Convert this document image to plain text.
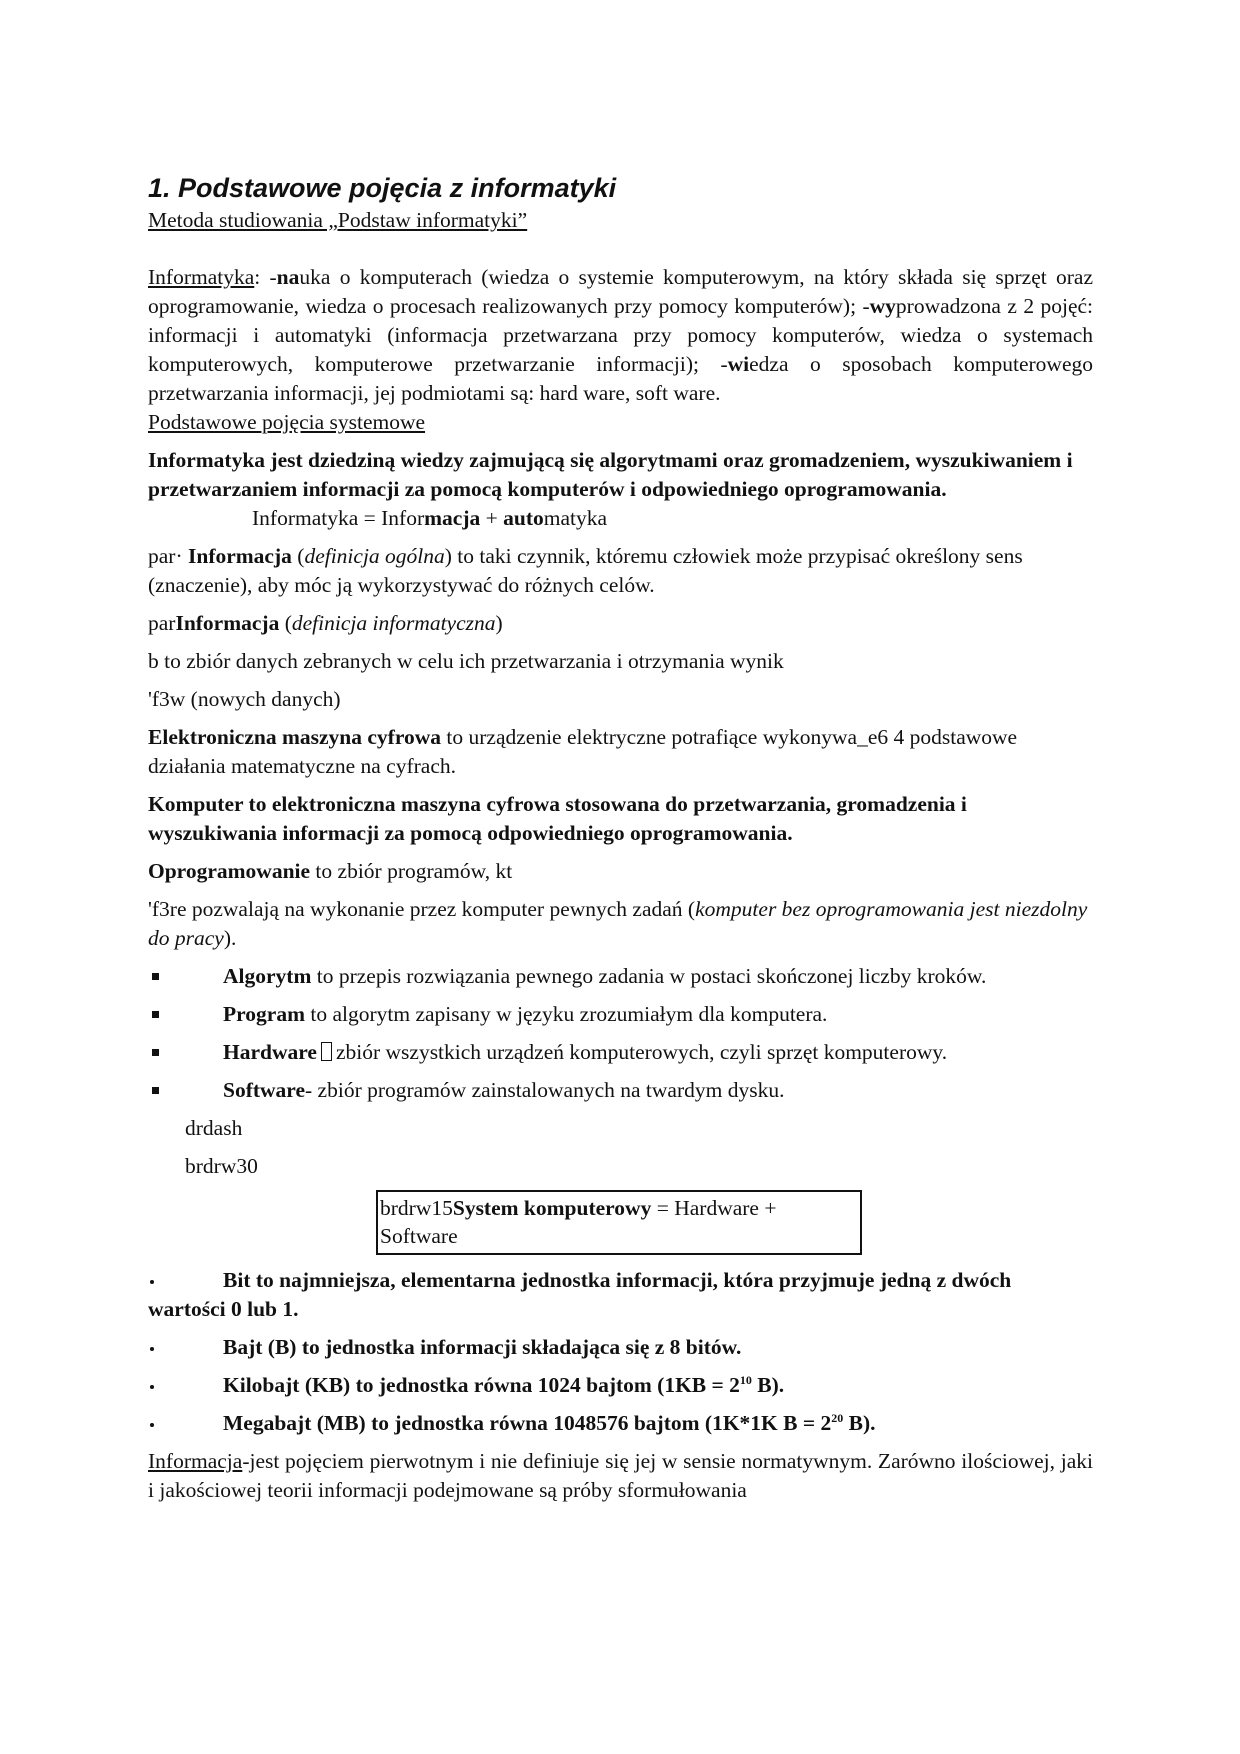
1. Podstawowe pojęcia z informatyki

Metoda studiowania „Podstaw informatyki”

Informatyka: -nauka o komputerach (wiedza o systemie komputerowym, na który składa się sprzęt oraz oprogramowanie, wiedza o procesach realizowanych przy pomocy komputerów); -wyprowadzona z 2 pojęć: informacji i automatyki (informacja przetwarzana przy pomocy komputerów, wiedza o systemach komputerowych, komputerowe przetwarzanie informacji); -wiedza o sposobach komputerowego przetwarzania informacji, jej podmiotami są: hard ware, soft ware.

Podstawowe pojęcia systemowe

Informatyka jest dziedziną wiedzy zajmującą się algorytmami oraz gromadzeniem, wyszukiwaniem i przetwarzaniem informacji za pomocą komputerów i odpowiedniego oprogramowania.Informatyka = Informacja + automatyka

par· Informacja (definicja ogólna) to taki czynnik, któremu człowiek może przypisać określony sens (znaczenie), aby móc ją wykorzystywać do różnych celów.

parInformacja (definicja informatyczna)

b to zbiór danych zebranych w celu ich przetwarzania i otrzymania wynik

'f3w (nowych danych)

Elektroniczna maszyna cyfrowa to urządzenie elektryczne potrafiące wykonywa_e6 4 podstawowe działania matematyczne na cyfrach.

Komputer to elektroniczna maszyna cyfrowa stosowana do przetwarzania, gromadzenia i wyszukiwania informacji za pomocą odpowiedniego oprogramowania.

Oprogramowanie to zbiór programów, kt

'f3re pozwalają na wykonanie przez komputer pewnych zadań (komputer bez oprogramowania jest niezdolny do pracy).

Algorytm to przepis rozwiązania pewnego zadania w postaci skończonej liczby kroków.

Program to algorytm zapisany w języku zrozumiałym dla komputera.

Hardware zbiór wszystkich urządzeń komputerowych, czyli sprzęt komputerowy.

Software- zbiór programów zainstalowanych na twardym dysku.

drdash

brdrw30

brdrw15System komputerowy = Hardware + Software

Bit to najmniejsza, elementarna jednostka informacji, która przyjmuje jedną z dwóch wartości 0 lub 1.

Bajt (B) to jednostka informacji składająca się z 8 bitów.

Kilobajt (KB) to jednostka równa 1024 bajtom ($1KB = 2^{10}$ B).

Megabajt (MB) to jednostka równa 1048576 bajtom (1K*1K $B = 2^{20}$ B).

Informacja-jest pojęciem pierwotnym i nie definiuje się jej w sensie normatywnym. Zarówno ilościowej, jaki i jakościowej teorii informacji podejmowane są próby sformułowania
